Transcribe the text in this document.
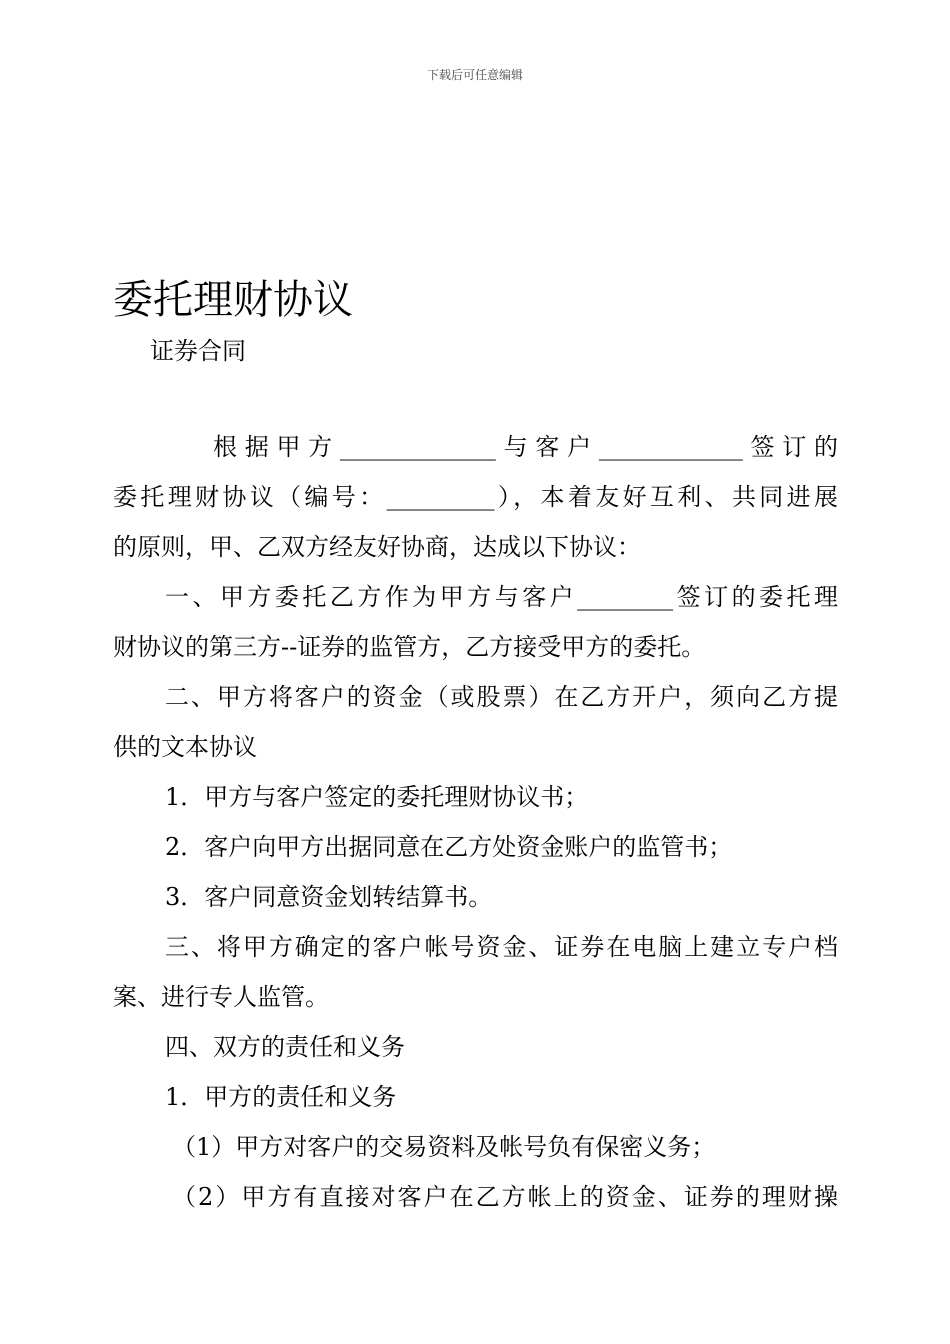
下载后可任意编辑
委托理财协议
证券合同
根据甲方_____________与客户____________签订的
委托理财协议（编号：_________），本着友好互利、共同进展
的原则，甲、乙双方经友好协商，达成以下协议：
一、甲方委托乙方作为甲方与客户________签订的委托理
财协议的第三方--证券的监管方，乙方接受甲方的委托。
二、甲方将客户的资金（或股票）在乙方开户，须向乙方提
供的文本协议
1．甲方与客户签定的委托理财协议书；
2．客户向甲方出据同意在乙方处资金账户的监管书；
3．客户同意资金划转结算书。
三、将甲方确定的客户帐号资金、证券在电脑上建立专户档
案、进行专人监管。
四、双方的责任和义务
1．甲方的责任和义务
（1）甲方对客户的交易资料及帐号负有保密义务；
（2）甲方有直接对客户在乙方帐上的资金、证券的理财操
